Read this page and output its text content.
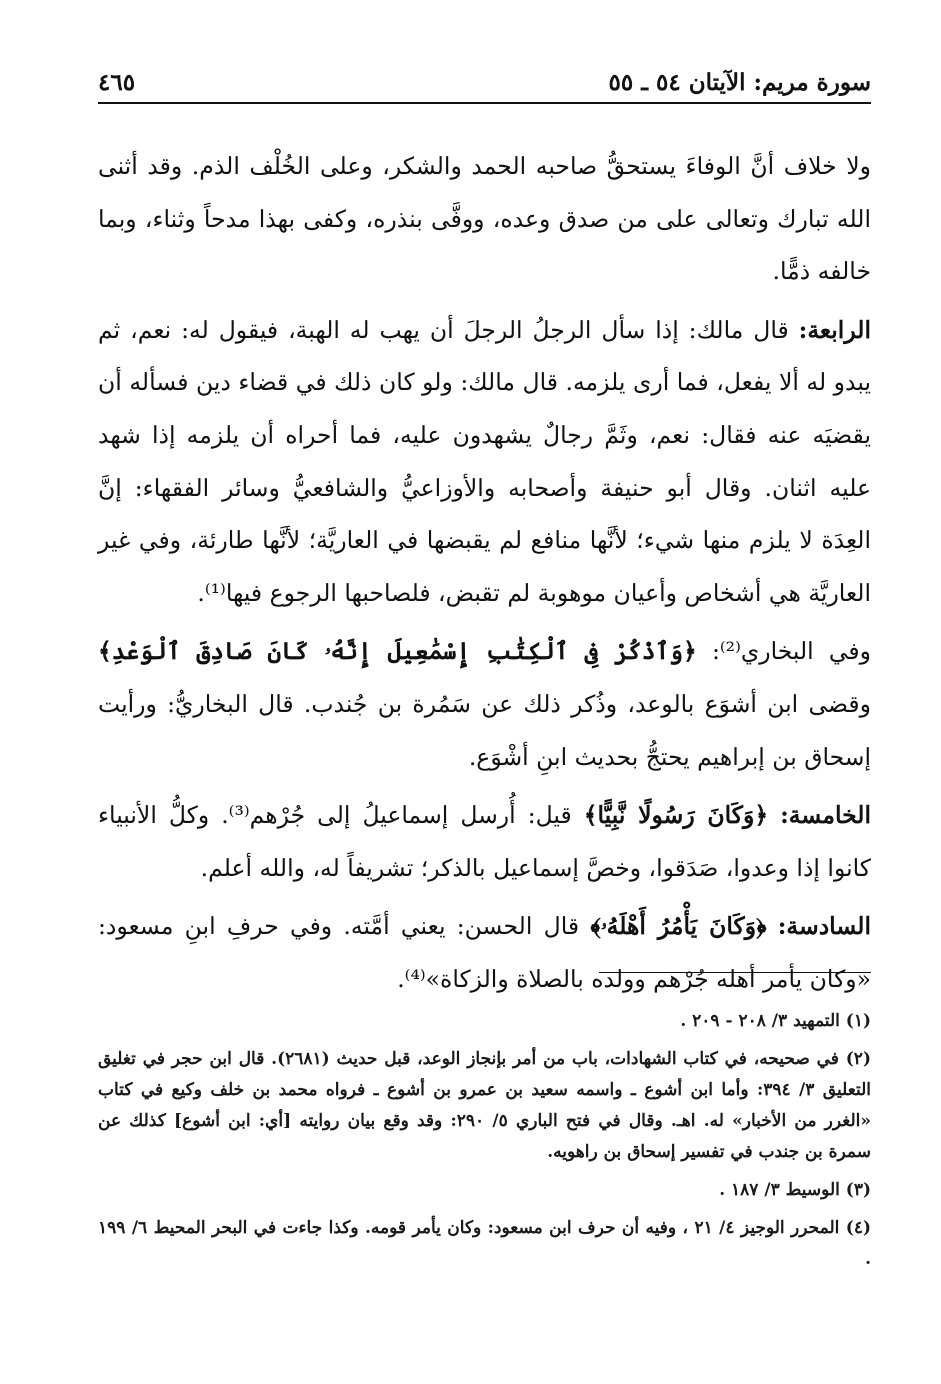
سورة مريم: الآيتان ٥٤ ـ ٥٥
٤٦٥

ولا خلاف أنَّ الوفاءَ يستحقُّ صاحبه الحمد والشكر، وعلى الخُلْف الذم. وقد أثنى الله تبارك وتعالى على من صدق وعده، ووفَّى بنذره، وكفى بهذا مدحاً وثناء، وبما خالفه ذمًّا.

الرابعة: قال مالك: إذا سأل الرجلُ الرجلَ أن يهب له الهبة، فيقول له: نعم، ثم يبدو له ألا يفعل، فما أرى يلزمه. قال مالك: ولو كان ذلك في قضاء دين فسأله أن يقضيَه عنه فقال: نعم، وثَمَّ رجالٌ يشهدون عليه، فما أحراه أن يلزمه إذا شهد عليه اثنان. وقال أبو حنيفة وأصحابه والأوزاعيُّ والشافعيُّ وسائر الفقهاء: إنَّ العِدَة لا يلزم منها شيء؛ لأنَّها منافع لم يقبضها في العاريَّة؛ لأنَّها طارئة، وفي غير العاريَّة هي أشخاص وأعيان موهوبة لم تقبض، فلصاحبها الرجوع فيها⁽¹⁾.

وفي البخاري⁽²⁾: ﴿وَٱذْكُرْ فِى ٱلْكِتَٰبِ إِسْمَٰعِيلَ إِنَّهُۥ كَانَ صَادِقَ ٱلْوَعْدِ﴾ وقضى ابن أشوَع بالوعد، وذُكر ذلك عن سَمُرة بن جُندب. قال البخاريُّ: ورأيت إسحاق بن إبراهيم يحتجُّ بحديث ابنِ أشْوَع.

الخامسة: ﴿وَكَانَ رَسُولًا نَّبِيًّا﴾ قيل: أُرسل إسماعيلُ إلى جُرْهم⁽³⁾. وكلُّ الأنبياء كانوا إذا وعدوا، صَدَقوا، وخصَّ إسماعيل بالذكر؛ تشريفاً له، والله أعلم.

السادسة: ﴿وَكَانَ يَأْمُرُ أَهْلَهُۥ﴾ قال الحسن: يعني أمَّته. وفي حرفِ ابنِ مسعود: «وكان يأمر أهله جُرْهم وولده بالصلاة والزكاة»⁽⁴⁾.

(١) التمهيد ٣/ ٢٠٨ - ٢٠٩ .

(٢) في صحيحه، في كتاب الشهادات، باب من أمر بإنجاز الوعد، قبل حديث (٢٦٨١). قال ابن حجر في تغليق التعليق ٣/ ٣٩٤: وأما ابن أشوع ـ واسمه سعيد بن عمرو بن أشوع ـ فرواه محمد بن خلف وكيع في كتاب «الغرر من الأخبار» له. اهـ. وقال في فتح الباري ٥/ ٢٩٠: وقد وقع بيان روايته [أي: ابن أشوع] كذلك عن سمرة بن جندب في تفسير إسحاق بن راهويه.

(٣) الوسيط ٣/ ١٨٧ .

(٤) المحرر الوجيز ٤/ ٢١ ، وفيه أن حرف ابن مسعود: وكان يأمر قومه. وكذا جاءت في البحر المحيط ٦/ ١٩٩ .
